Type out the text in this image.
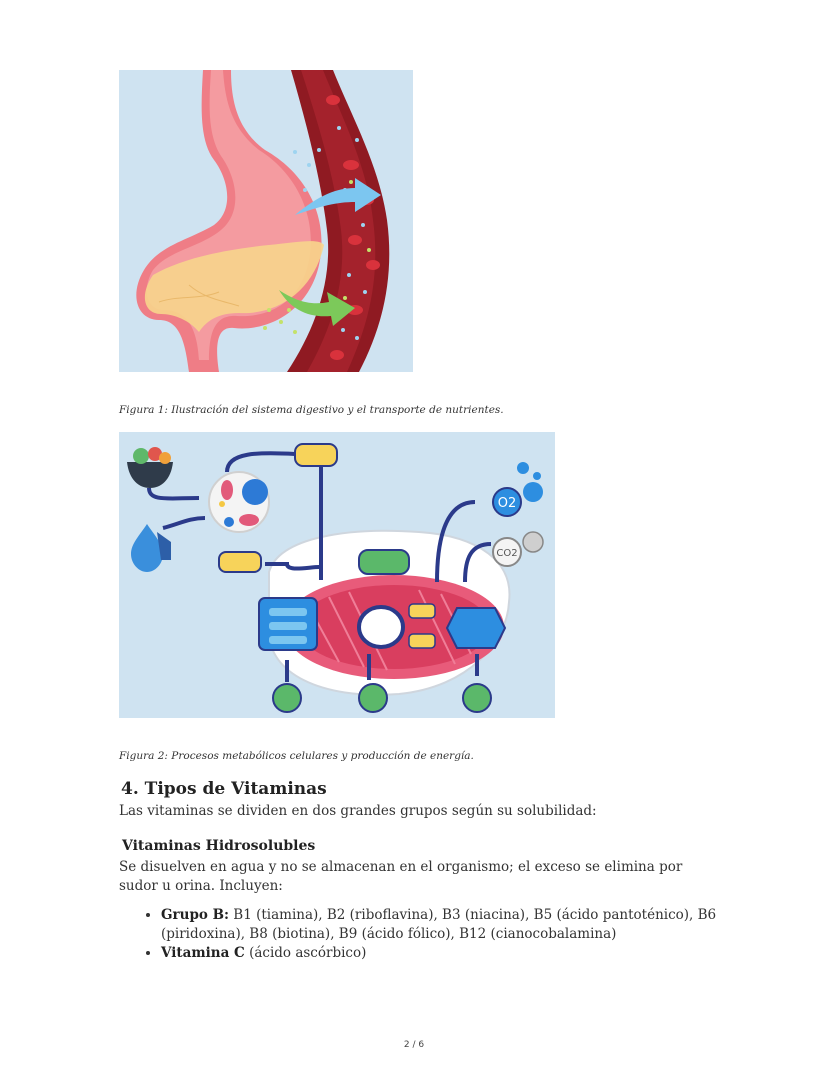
Figura 1: Ilustración del sistema digestivo y el transporte de nutrientes.
O2
CO2
Figura 2: Procesos metabólicos celulares y producción de energía.
4. Tipos de Vitaminas
Las vitaminas se dividen en dos grandes grupos según su solubilidad:
Vitaminas Hidrosolubles
Se disuelven en agua y no se almacenan en el organismo; el exceso se elimina por sudor u orina. Incluyen:
• Grupo B: B1 (tiamina), B2 (riboflavina), B3 (niacina), B5 (ácido pantoténico), B6 (piridoxina), B8 (biotina), B9 (ácido fólico), B12 (cianocobalamina)
• Vitamina C (ácido ascórbico)
2 / 6
